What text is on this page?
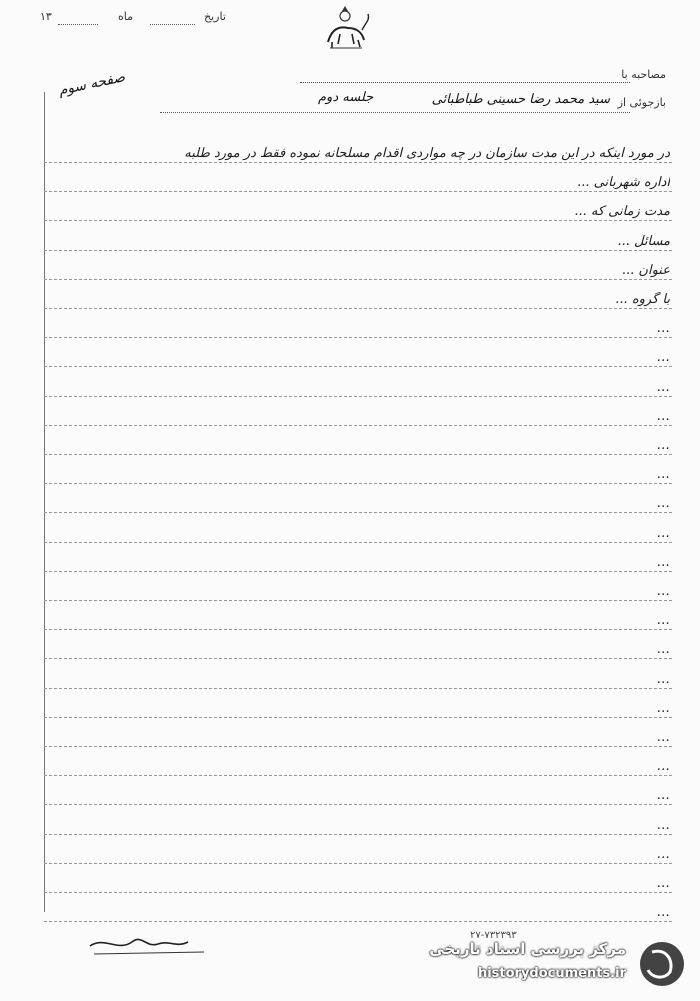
۱۳	ماه	تاریخ
مصاحبه با
بازجوئی از
سید محمد رضا حسینی طباطبائی
جلسه دوم
صفحه سوم
در مورد اینکه در این مدت سازمان در چه مواردی اقدام مسلحانه نموده فقط در مورد طلبه
اداره شهربانی ...
مدت زمانی که ...
مسائل ...
عنوان ...
با گروه ...
...
...
...
...
...
...
...
...
...
...
...
...
...
...
...
...
...
...
...
...
...
۲۷-۷۳۲۳۹۳
مرکز بررسی اسناد تاریخی
historydocuments.ir
